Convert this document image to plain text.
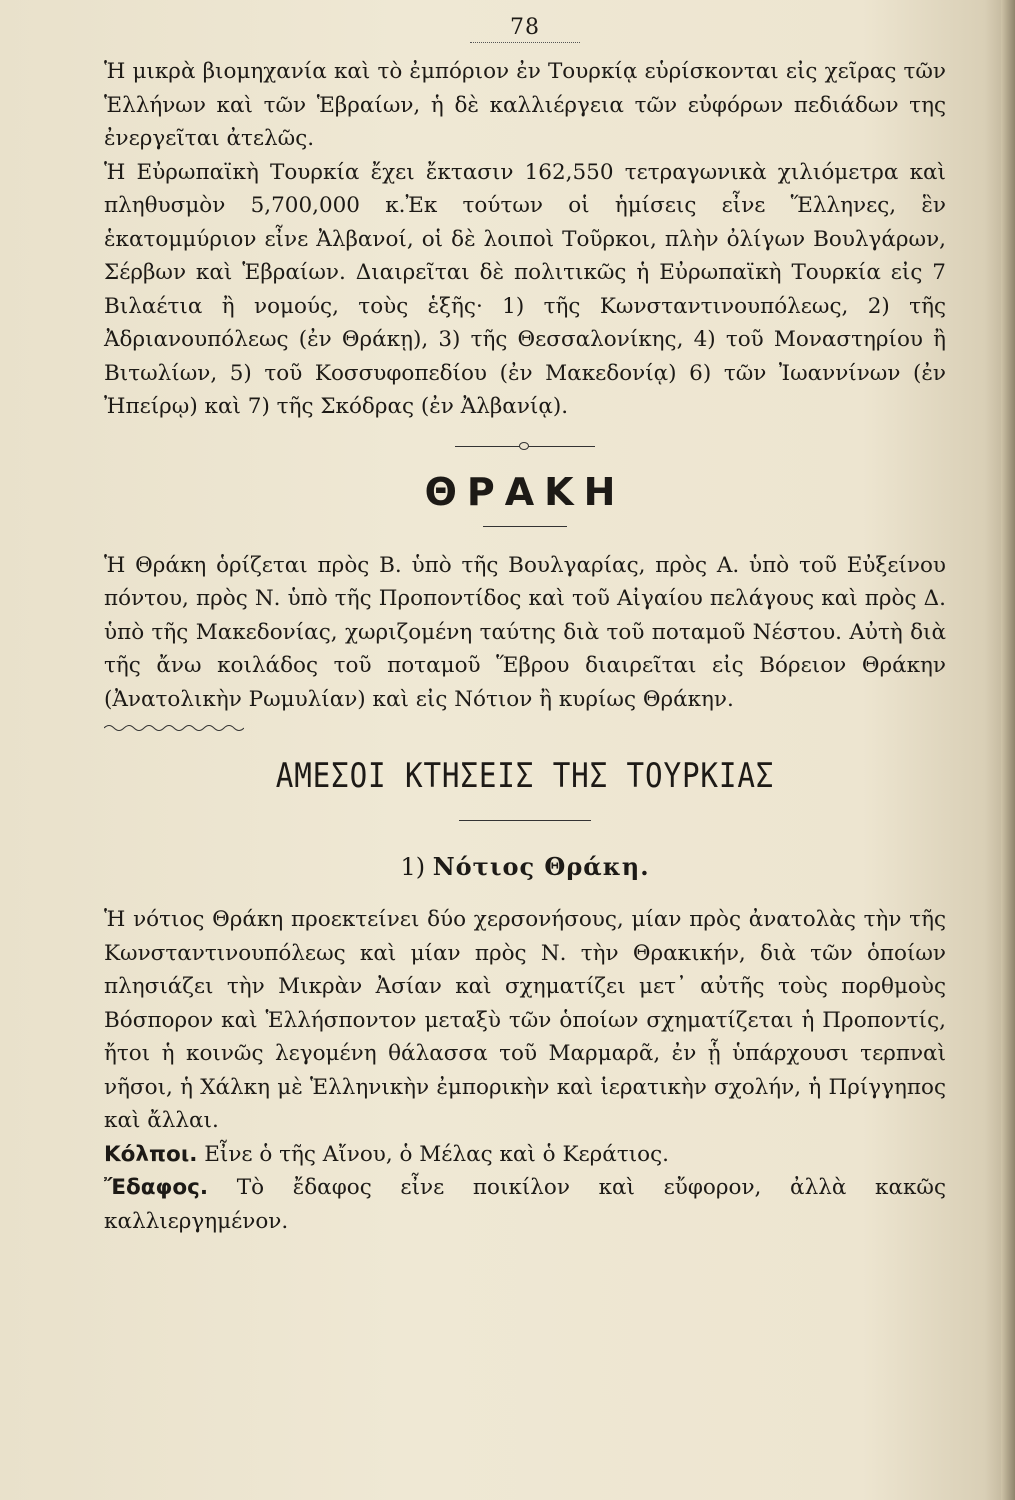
78

Ἡ μικρὰ βιομηχανία καὶ τὸ ἐμπόριον ἐν Τουρκίᾳ εὑρίσκονται εἰς χεῖρας τῶν Ἑλλήνων καὶ τῶν Ἑβραίων, ἡ δὲ καλλιέργεια τῶν εὐφόρων πεδιάδων της ἐνεργεῖται ἀτελῶς.

Ἡ Εὐρωπαϊκὴ Τουρκία ἔχει ἔκτασιν 162,550 τετραγωνικὰ χιλιόμετρα καὶ πληθυσμὸν 5,700,000 κ.Ἐκ τούτων οἱ ἡμίσεις εἶνε Ἕλληνες, ἓν ἑκατομμύριον εἶνε Ἀλβανοί, οἱ δὲ λοιποὶ Τοῦρκοι, πλὴν ὀλίγων Βουλγάρων, Σέρβων καὶ Ἑβραίων. Διαιρεῖται δὲ πολιτικῶς ἡ Εὐρωπαϊκὴ Τουρκία εἰς 7 Βιλαέτια ἢ νομούς, τοὺς ἑξῆς· 1) τῆς Κωνσταντινουπόλεως, 2) τῆς Ἀδριανουπόλεως (ἐν Θράκῃ), 3) τῆς Θεσσαλονίκης, 4) τοῦ Μοναστηρίου ἢ Βιτωλίων, 5) τοῦ Κοσσυφοπεδίου (ἐν Μακεδονίᾳ) 6) τῶν Ἰωαννίνων (ἐν Ἠπείρῳ) καὶ 7) τῆς Σκόδρας (ἐν Ἀλβανίᾳ).

ΘΡΑΚΗ

Ἡ Θράκη ὁρίζεται πρὸς Β. ὑπὸ τῆς Βουλγαρίας, πρὸς Α. ὑπὸ τοῦ Εὐξείνου πόντου, πρὸς Ν. ὑπὸ τῆς Προποντίδος καὶ τοῦ Αἰγαίου πελάγους καὶ πρὸς Δ. ὑπὸ τῆς Μακεδονίας, χωριζομένη ταύτης διὰ τοῦ ποταμοῦ Νέστου. Αὐτὴ διὰ τῆς ἄνω κοιλάδος τοῦ ποταμοῦ Ἕβρου διαιρεῖται εἰς Βόρειον Θράκην (Ἀνατολικὴν Ρωμυλίαν) καὶ εἰς Νότιον ἢ κυρίως Θράκην.

ΑΜΕΣΟΙ ΚΤΗΣΕΙΣ ΤΗΣ ΤΟΥΡΚΙΑΣ
1) Νότιος Θράκη.

Ἡ νότιος Θράκη προεκτείνει δύο χερσονήσους, μίαν πρὸς ἀνατολὰς τὴν τῆς Κωνσταντινουπόλεως καὶ μίαν πρὸς Ν. τὴν Θρακικήν, διὰ τῶν ὁποίων πλησιάζει τὴν Μικρὰν Ἀσίαν καὶ σχηματίζει μετ᾽ αὐτῆς τοὺς πορθμοὺς Βόσπορον καὶ Ἑλλήσποντον μεταξὺ τῶν ὁποίων σχηματίζεται ἡ Προποντίς, ἤτοι ἡ κοινῶς λεγομένη θάλασσα τοῦ Μαρμαρᾶ, ἐν ᾗ ὑπάρχουσι τερπναὶ νῆσοι, ἡ Χάλκη μὲ Ἑλληνικὴν ἐμπορικὴν καὶ ἱερατικὴν σχολήν, ἡ Πρίγγηπος καὶ ἄλλαι.

Κόλποι. Εἶνε ὁ τῆς Αἴνου, ὁ Μέλας καὶ ὁ Κεράτιος.

Ἔδαφος. Τὸ ἔδαφος εἶνε ποικίλον καὶ εὔφορον, ἀλλὰ κακῶς καλλιεργημένον.
